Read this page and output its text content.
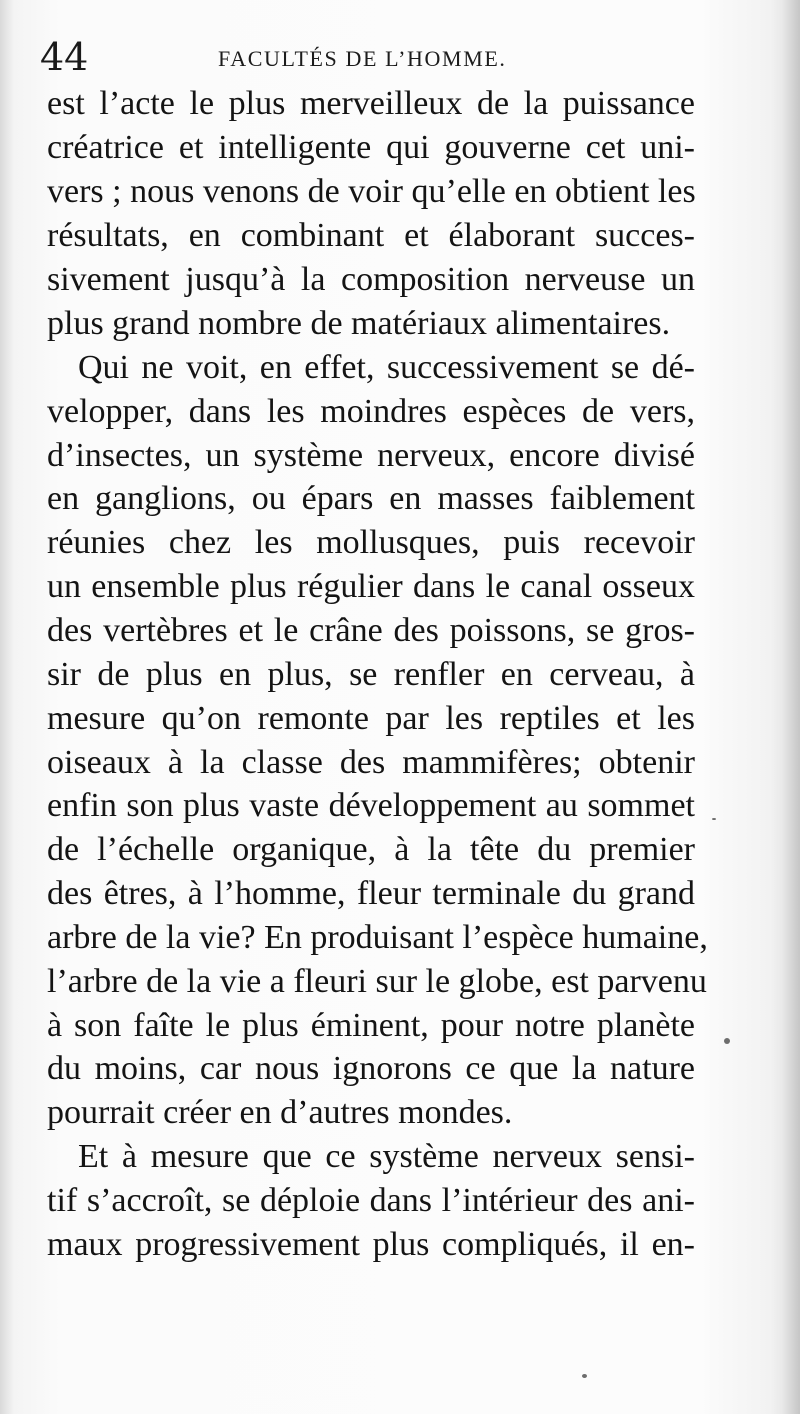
44	FACULTÉS DE L’HOMME.

est l’acte le plus merveilleux de la puissance

créatrice et intelligente qui gouverne cet uni-

vers ; nous venons de voir qu’elle en obtient les

résultats, en combinant et élaborant succes-

sivement jusqu’à la composition nerveuse un

plus grand nombre de matériaux alimentaires.

Qui ne voit, en effet, successivement se dé-

velopper, dans les moindres espèces de vers,

d’insectes, un système nerveux, encore divisé

en ganglions, ou épars en masses faiblement

réunies chez les mollusques, puis recevoir

un ensemble plus régulier dans le canal osseux

des vertèbres et le crâne des poissons, se gros-

sir de plus en plus, se renfler en cerveau, à

mesure qu’on remonte par les reptiles et les

oiseaux à la classe des mammifères; obtenir

enfin son plus vaste développement au sommet

de l’échelle organique, à la tête du premier

des êtres, à l’homme, fleur terminale du grand

arbre de la vie? En produisant l’espèce humaine,

l’arbre de la vie a fleuri sur le globe, est parvenu

à son faîte le plus éminent, pour notre planète

du moins, car nous ignorons ce que la nature

pourrait créer en d’autres mondes.

Et à mesure que ce système nerveux sensi-

tif s’accroît, se déploie dans l’intérieur des ani-

maux progressivement plus compliqués, il en-
